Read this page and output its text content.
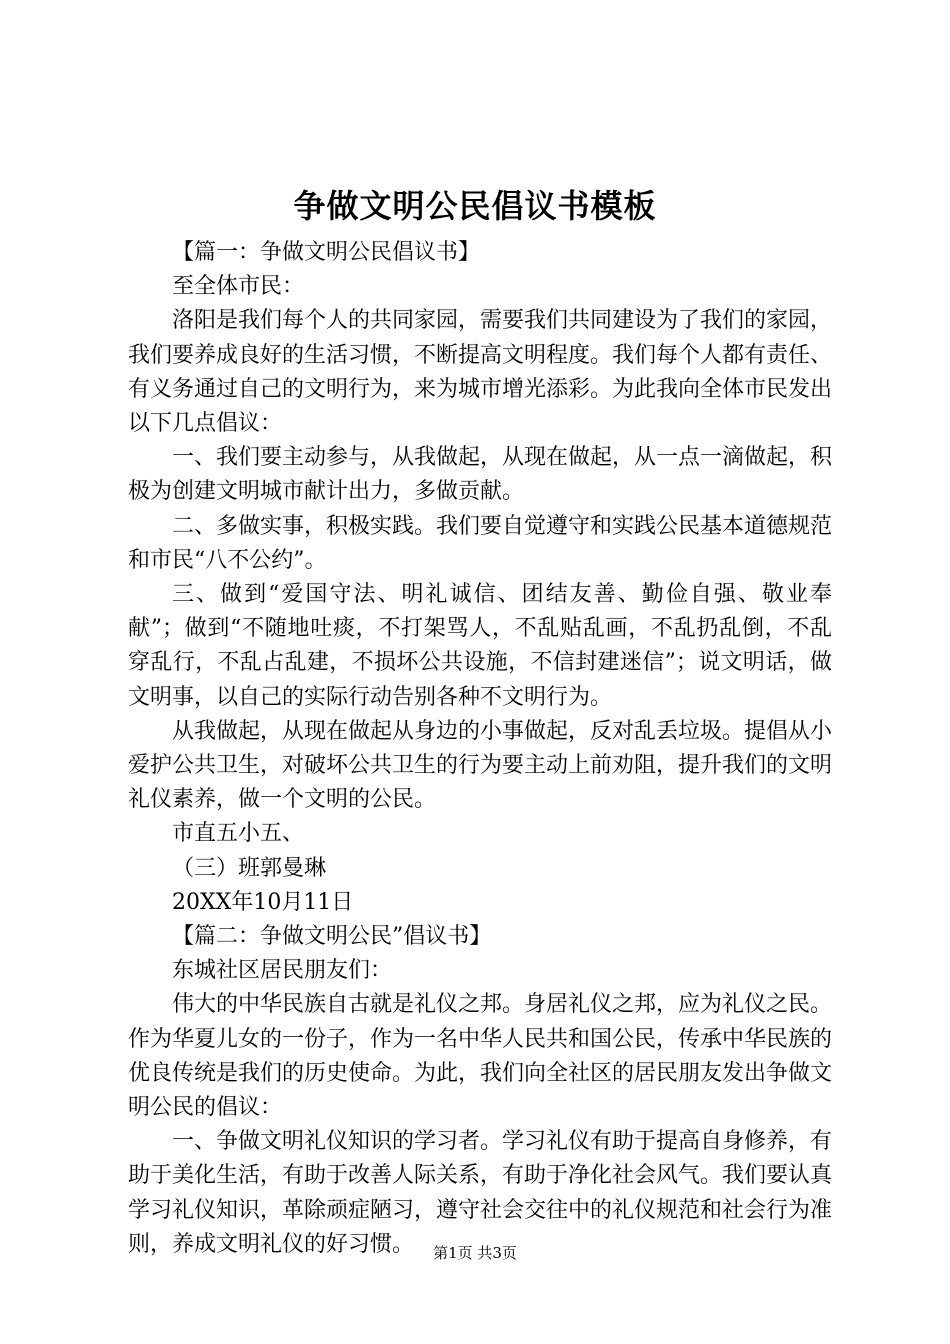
争做文明公民倡议书模板

【篇一：争做文明公民倡议书】

至全体市民：

洛阳是我们每个人的共同家园，需要我们共同建设为了我们的家园，我们要养成良好的生活习惯，不断提高文明程度。我们每个人都有责任、有义务通过自己的文明行为，来为城市增光添彩。为此我向全体市民发出以下几点倡议：

一、我们要主动参与，从我做起，从现在做起，从一点一滴做起，积极为创建文明城市献计出力，多做贡献。

二、多做实事，积极实践。我们要自觉遵守和实践公民基本道德规范和市民“八不公约”。

三、做到“爱国守法、明礼诚信、团结友善、勤俭自强、敬业奉献”；做到“不随地吐痰，不打架骂人，不乱贴乱画，不乱扔乱倒，不乱穿乱行，不乱占乱建，不损坏公共设施，不信封建迷信”；说文明话，做文明事，以自己的实际行动告别各种不文明行为。

从我做起，从现在做起从身边的小事做起，反对乱丢垃圾。提倡从小爱护公共卫生，对破坏公共卫生的行为要主动上前劝阻，提升我们的文明礼仪素养，做一个文明的公民。

市直五小五、

（三）班郭曼琳

20XX年10月11日

【篇二：争做文明公民”倡议书】

东城社区居民朋友们：

伟大的中华民族自古就是礼仪之邦。身居礼仪之邦，应为礼仪之民。作为华夏儿女的一份子，作为一名中华人民共和国公民，传承中华民族的优良传统是我们的历史使命。为此，我们向全社区的居民朋友发出争做文明公民的倡议：

一、争做文明礼仪知识的学习者。学习礼仪有助于提高自身修养，有助于美化生活，有助于改善人际关系，有助于净化社会风气。我们要认真学习礼仪知识，革除顽症陋习，遵守社会交往中的礼仪规范和社会行为准则，养成文明礼仪的好习惯。	第1页 共3页
